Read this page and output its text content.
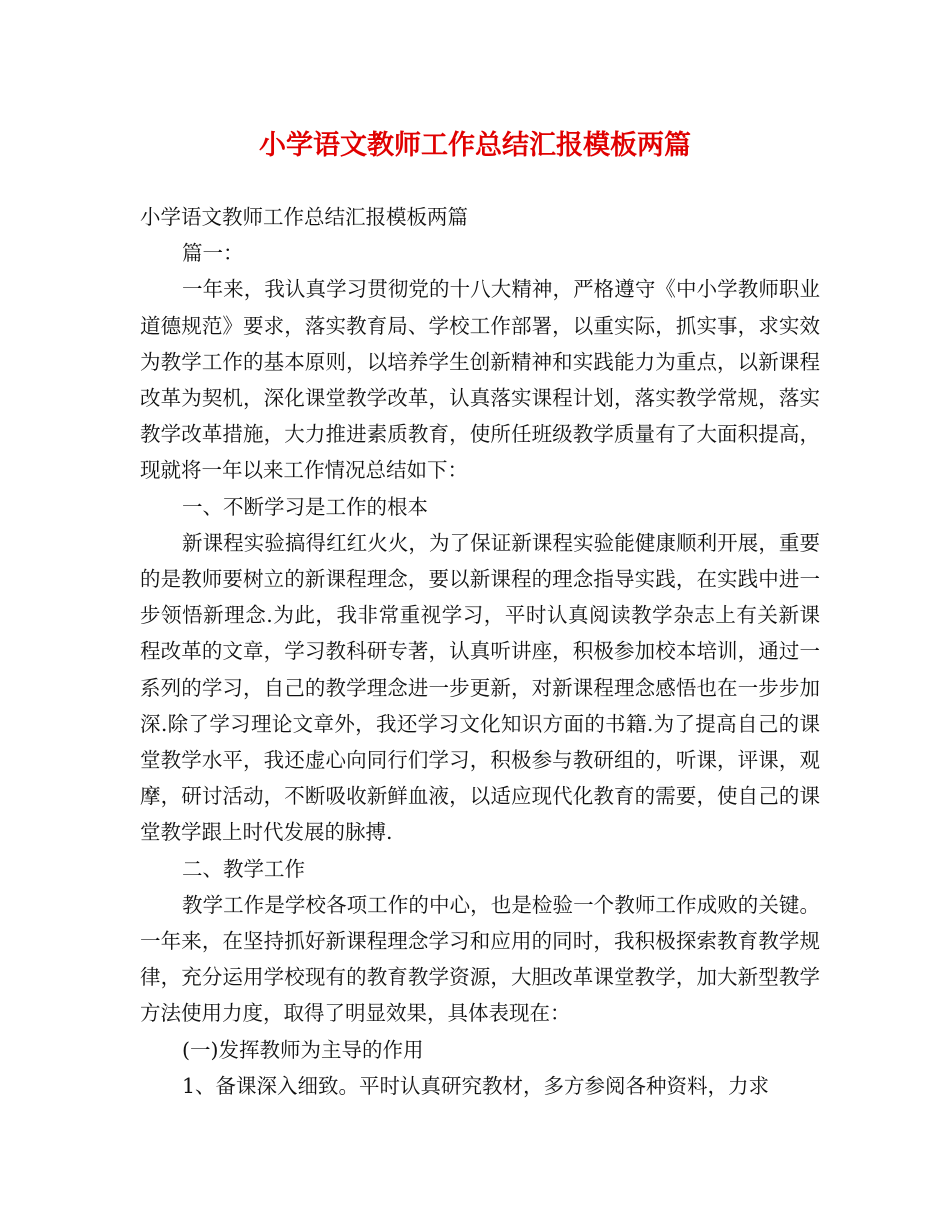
小学语文教师工作总结汇报模板两篇

小学语文教师工作总结汇报模板两篇

篇一：

一年来，我认真学习贯彻党的十八大精神，严格遵守《中小学教师职业道德规范》要求，落实教育局、学校工作部署，以重实际，抓实事，求实效为教学工作的基本原则，以培养学生创新精神和实践能力为重点，以新课程改革为契机，深化课堂教学改革，认真落实课程计划，落实教学常规，落实教学改革措施，大力推进素质教育，使所任班级教学质量有了大面积提高，现就将一年以来工作情况总结如下：

一、不断学习是工作的根本

新课程实验搞得红红火火，为了保证新课程实验能健康顺利开展，重要的是教师要树立的新课程理念，要以新课程的理念指导实践，在实践中进一步领悟新理念.为此，我非常重视学习，平时认真阅读教学杂志上有关新课程改革的文章，学习教科研专著，认真听讲座，积极参加校本培训，通过一系列的学习，自己的教学理念进一步更新，对新课程理念感悟也在一步步加深.除了学习理论文章外，我还学习文化知识方面的书籍.为了提高自己的课堂教学水平，我还虚心向同行们学习，积极参与教研组的，听课，评课，观摩，研讨活动，不断吸收新鲜血液，以适应现代化教育的需要，使自己的课堂教学跟上时代发展的脉搏.

二、教学工作

教学工作是学校各项工作的中心，也是检验一个教师工作成败的关键。一年来，在坚持抓好新课程理念学习和应用的同时，我积极探索教育教学规律，充分运用学校现有的教育教学资源，大胆改革课堂教学，加大新型教学方法使用力度，取得了明显效果，具体表现在：

(一)发挥教师为主导的作用

1、备课深入细致。平时认真研究教材，多方参阅各种资料，力求
